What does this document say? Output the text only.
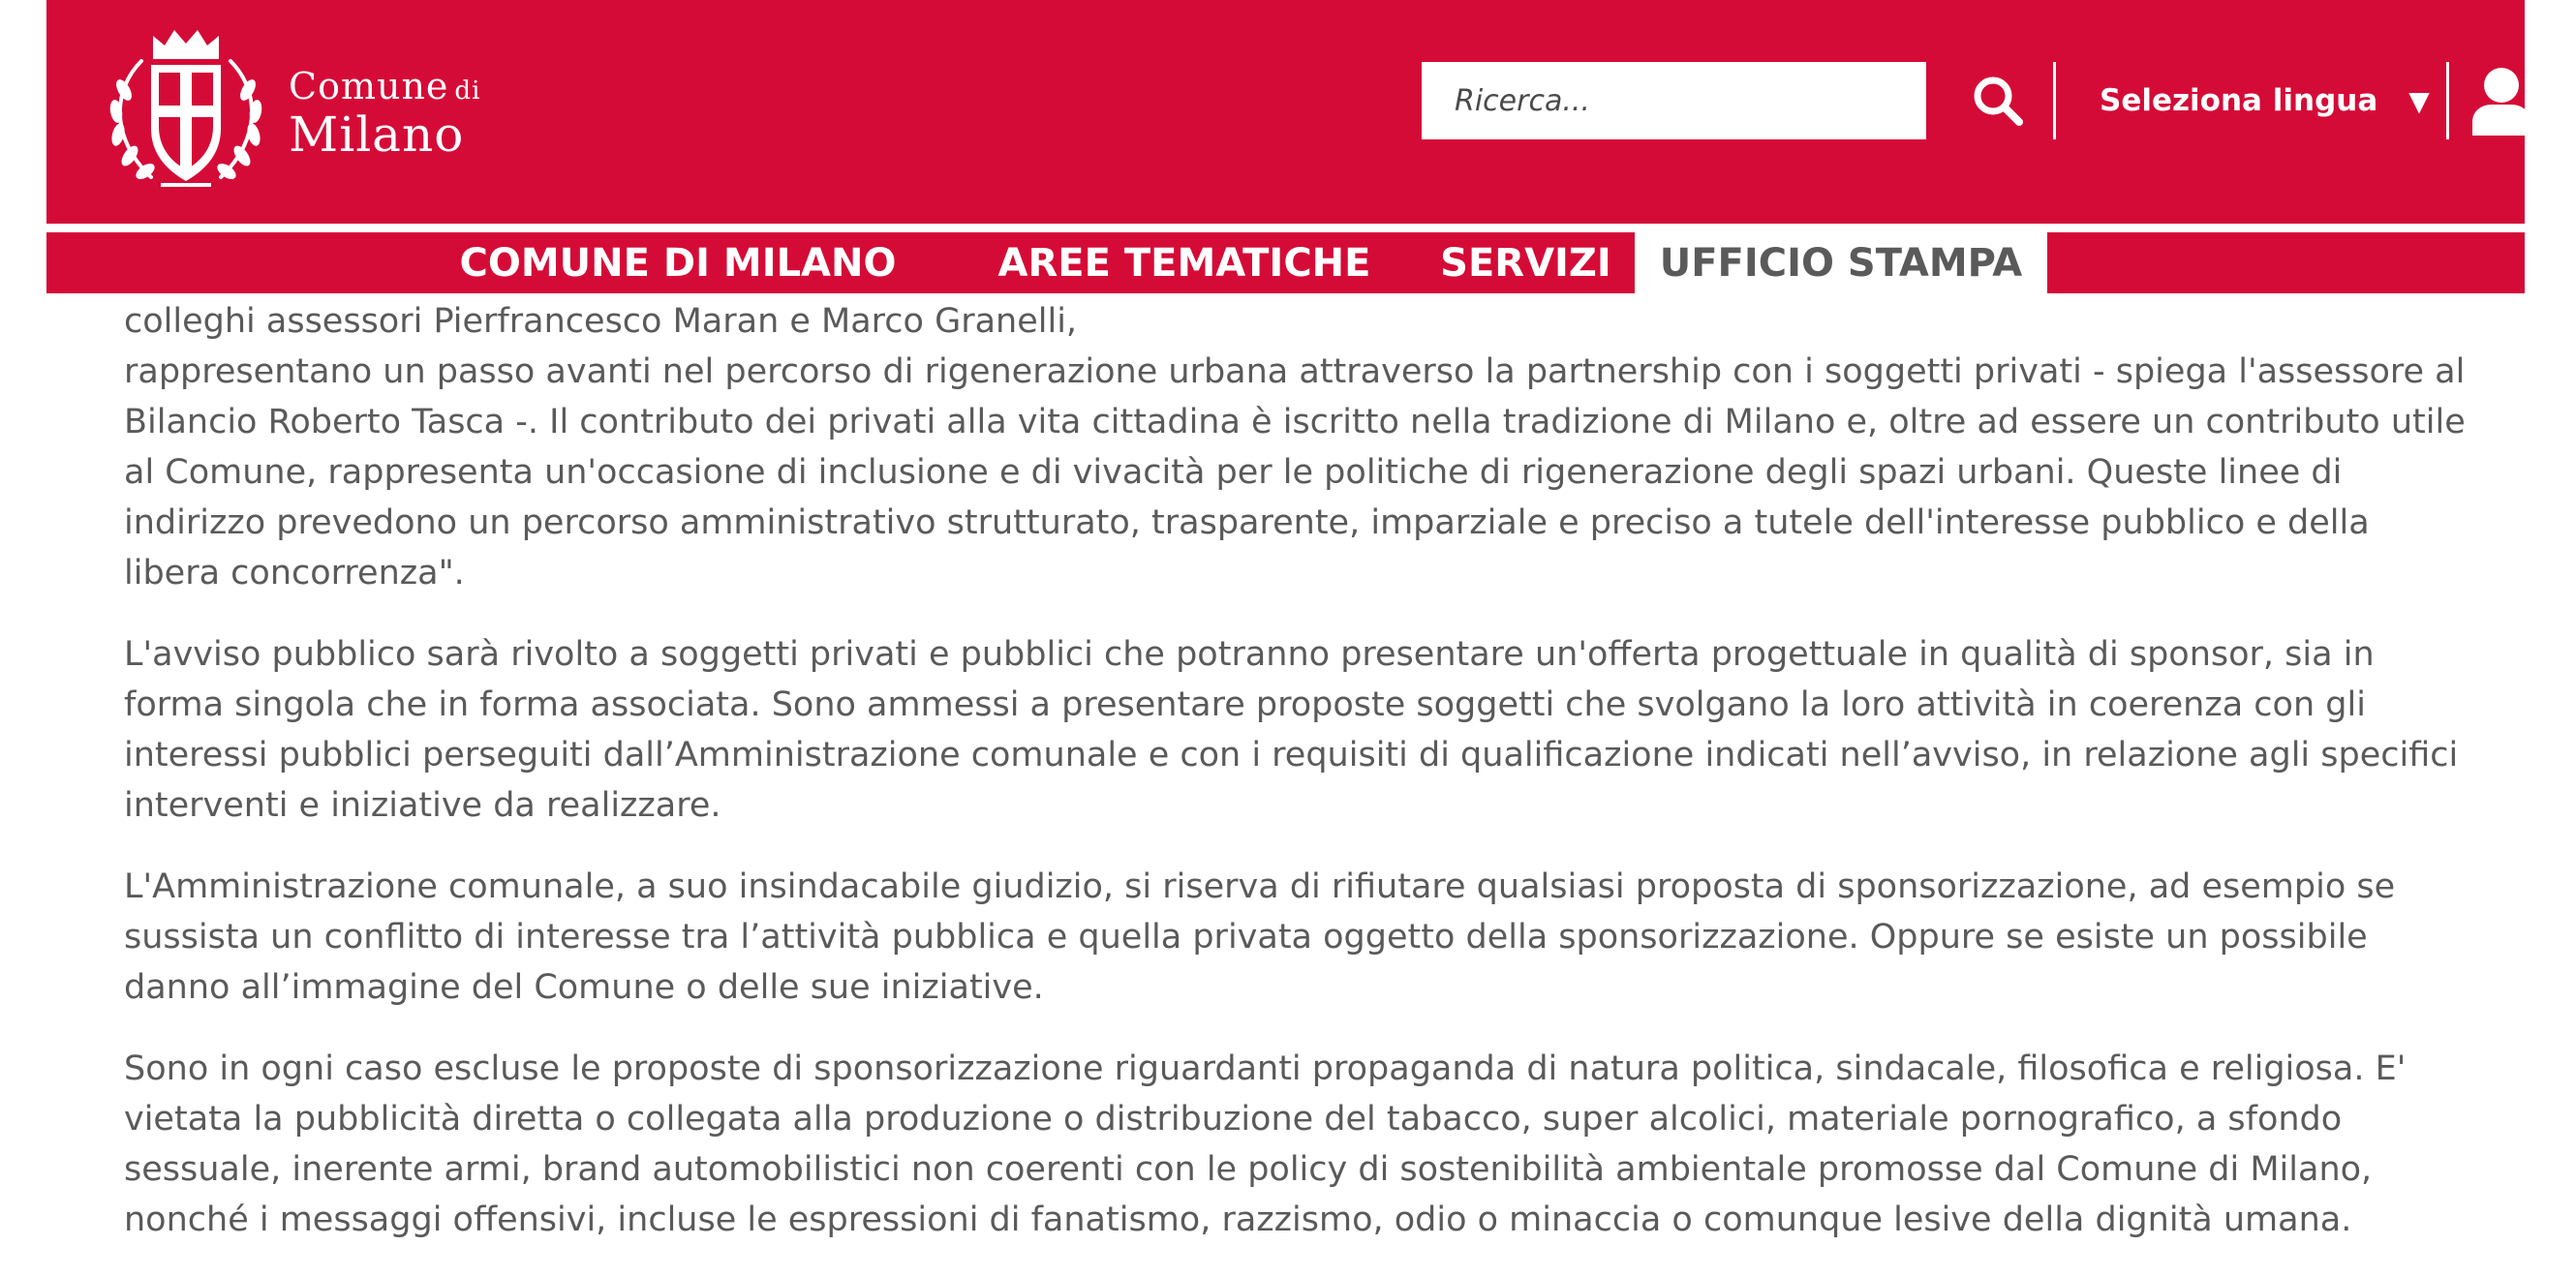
Comune di
Milano
Ricerca...
Seleziona lingua ▼
COMUNE DI MILANO	AREE TEMATICHE	SERVIZI	UFFICIO STAMPA

colleghi assessori Pierfrancesco Maran e Marco Granelli,

rappresentano un passo avanti nel percorso di rigenerazione urbana attraverso la partnership con i soggetti privati - spiega l'assessore al Bilancio Roberto Tasca -. Il contributo dei privati alla vita cittadina è iscritto nella tradizione di Milano e, oltre ad essere un contributo utile al Comune, rappresenta un'occasione di inclusione e di vivacità per le politiche di rigenerazione degli spazi urbani. Queste linee di indirizzo prevedono un percorso amministrativo strutturato, trasparente, imparziale e preciso a tutele dell'interesse pubblico e della libera concorrenza".

L'avviso pubblico sarà rivolto a soggetti privati e pubblici che potranno presentare un'offerta progettuale in qualità di sponsor, sia in forma singola che in forma associata. Sono ammessi a presentare proposte soggetti che svolgano la loro attività in coerenza con gli interessi pubblici perseguiti dall’Amministrazione comunale e con i requisiti di qualificazione indicati nell’avviso, in relazione agli specifici interventi e iniziative da realizzare.

L'Amministrazione comunale, a suo insindacabile giudizio, si riserva di rifiutare qualsiasi proposta di sponsorizzazione, ad esempio se sussista un conflitto di interesse tra l’attività pubblica e quella privata oggetto della sponsorizzazione. Oppure se esiste un possibile danno all’immagine del Comune o delle sue iniziative.

Sono in ogni caso escluse le proposte di sponsorizzazione riguardanti propaganda di natura politica, sindacale, filosofica e religiosa. E' vietata la pubblicità diretta o collegata alla produzione o distribuzione del tabacco, super alcolici, materiale pornografico, a sfondo sessuale, inerente armi, brand automobilistici non coerenti con le policy di sostenibilità ambientale promosse dal Comune di Milano, nonché i messaggi offensivi, incluse le espressioni di fanatismo, razzismo, odio o minaccia o comunque lesive della dignità umana.
